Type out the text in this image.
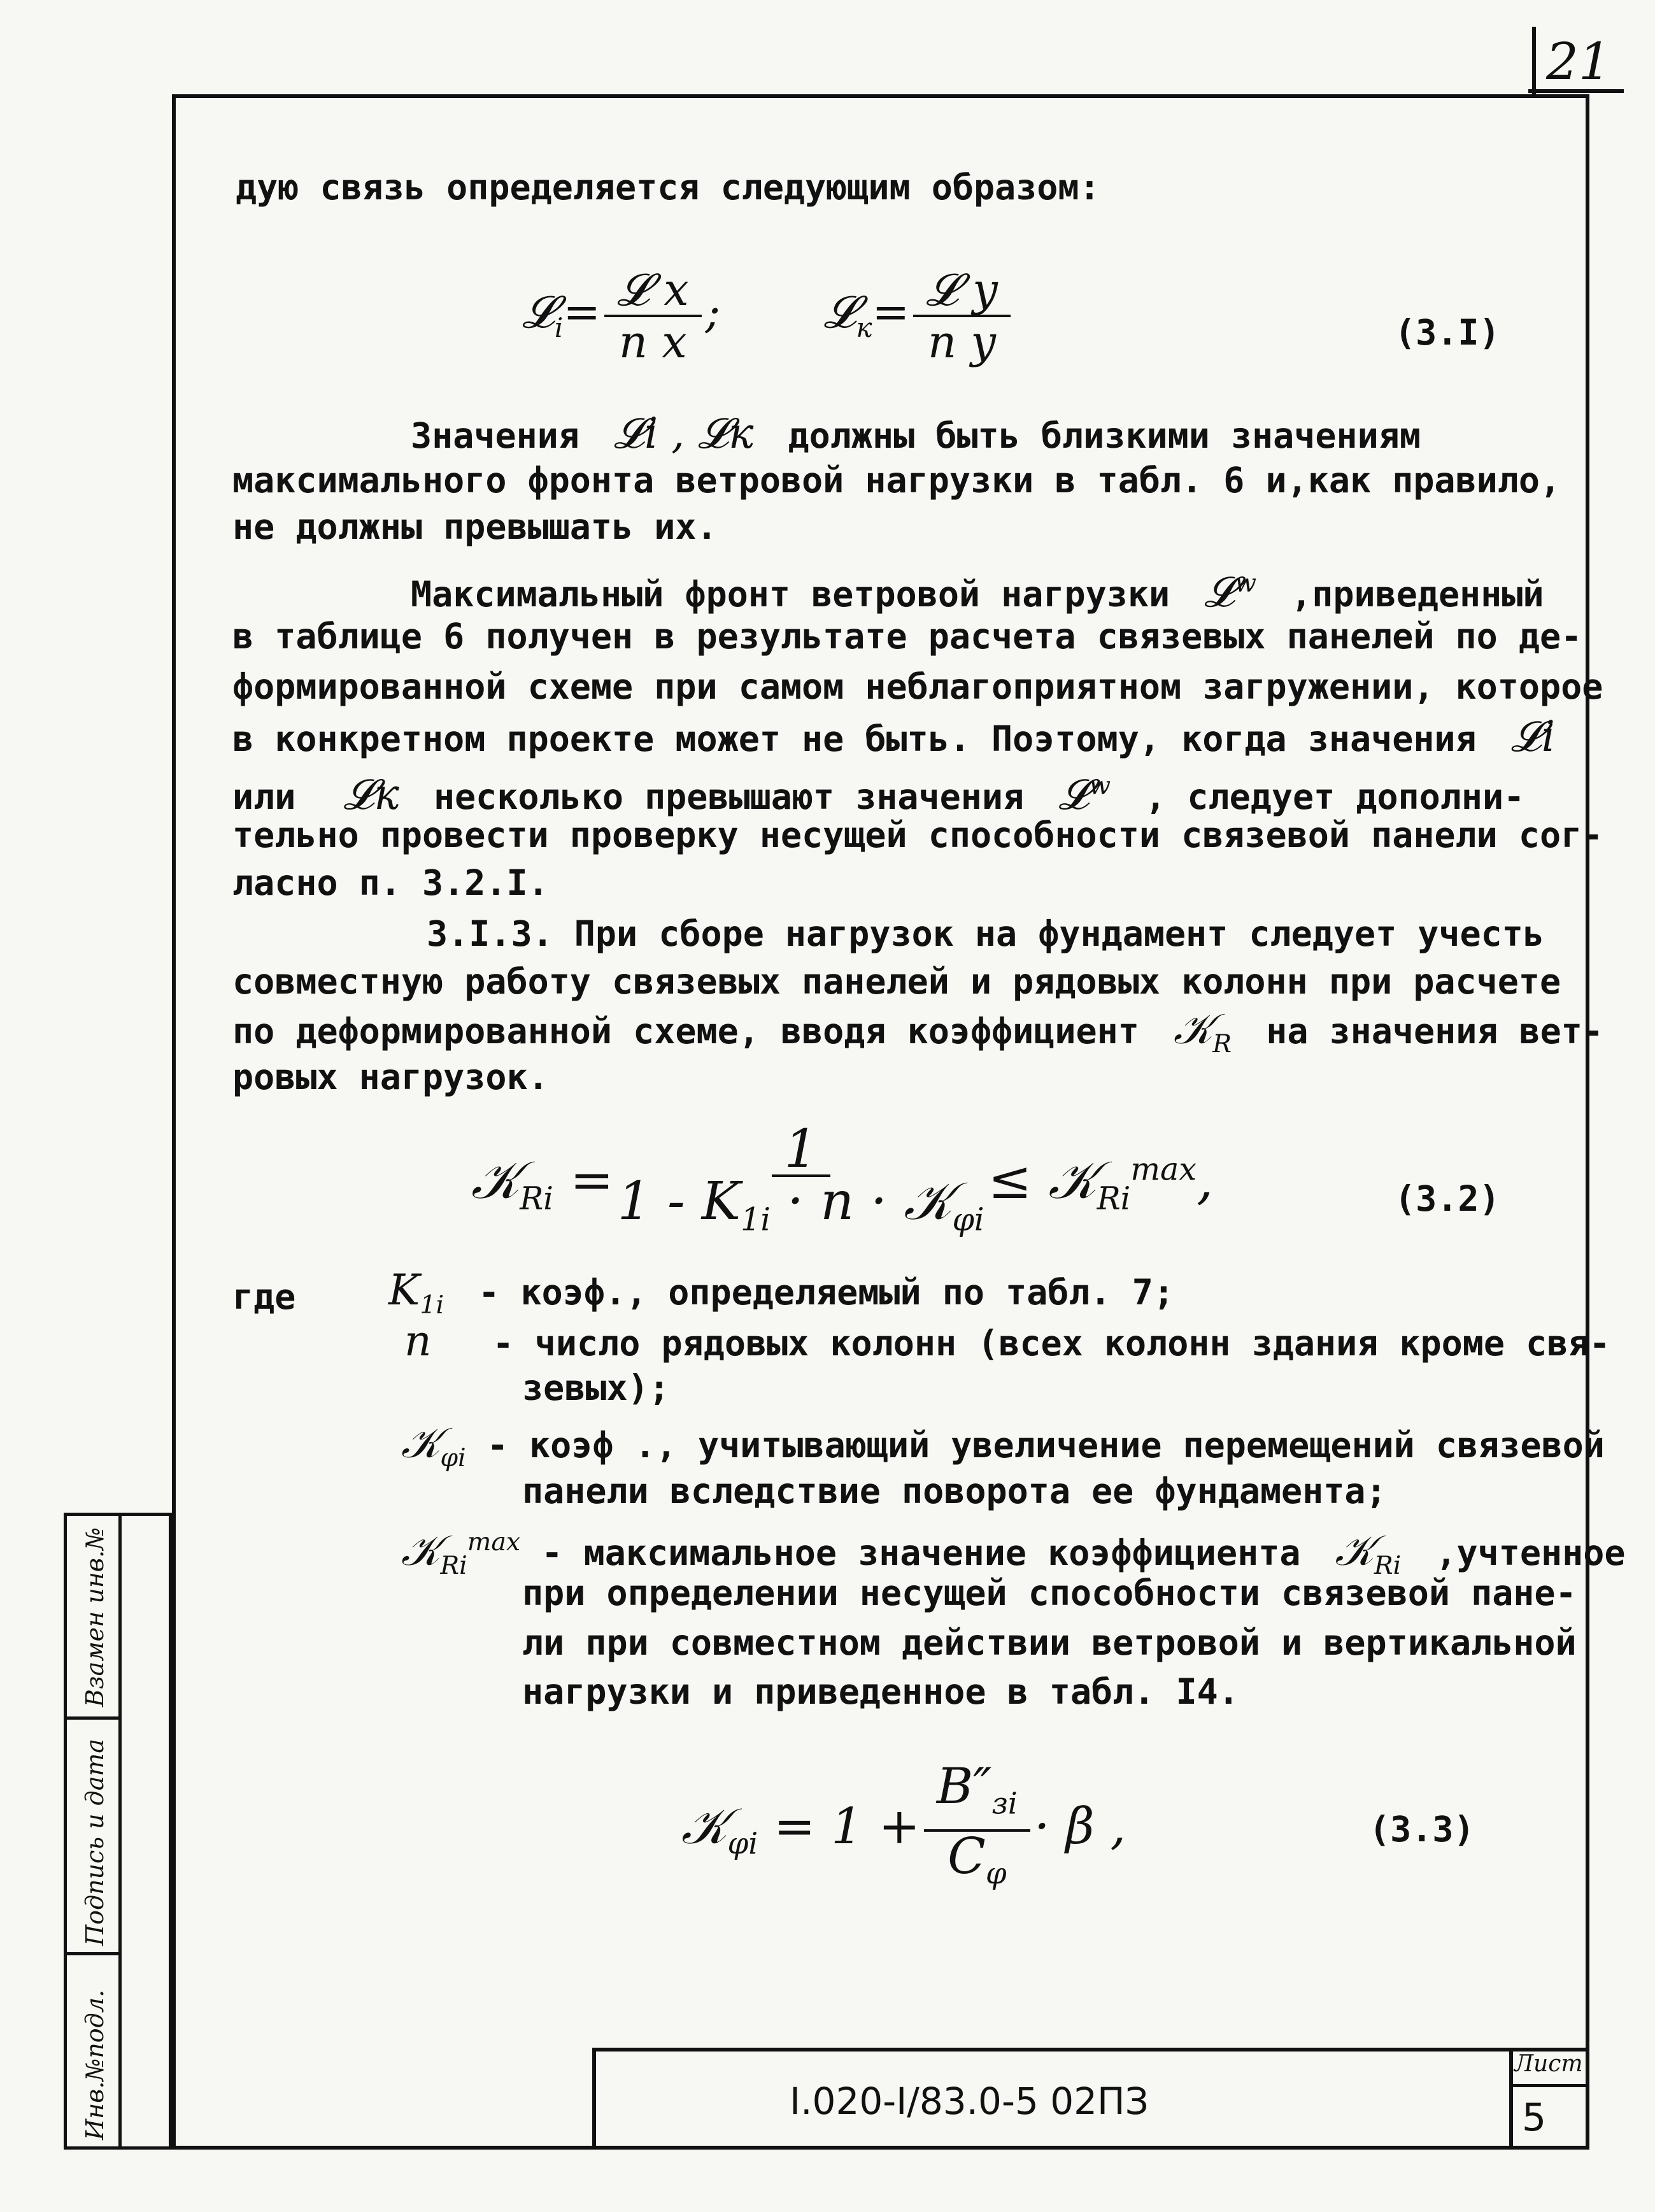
21
дую связь определяется следующим образом:
𝓛$_i$= $\frac{\text{𝓛 x}}{\text{n x}}$ ; 𝓛$_к$= $\frac{\text{𝓛 y}}{\text{n y}}$	(3.I)
Значения  𝓛i , 𝓛к  должны быть близкими значениям
максимального фронта ветровой нагрузки в табл. 6 и,как правило,
не должны превышать их.
Максимальный фронт ветровой нагрузки  𝓛$^w$ ,приведенный
в таблице 6 получен в результате расчета связевых панелей по де-
формированной схеме при самом неблагоприятном загружении, которое
в конкретном проекте может не быть. Поэтому, когда значения  𝓛i
или   𝓛к  несколько превышают значения  𝓛$^w$ , следует дополни-
тельно провести проверку несущей способности связевой панели сог-
ласно п. 3.2.I.
3.I.3. При сборе нагрузок на фундамент следует учесть
совместную работу связевых панелей и рядовых колонн при расчете
по деформированной схеме, вводя коэффициент  𝒦$_R$ на значения вет-
ровых нагрузок.
𝒦$_{Ri}$ = $\frac{1}{1 - K_{1i} \cdot n \cdot 𝒦_{\varphi i}}$ ≤ 𝒦$_{Ri}^{max}$,	(3.2)
где $K_{1i}$ - коэф., определяемый по табл. 7;
n    - число рядовых колонн (всех колонн здания кроме свя-
зевых);
𝒦$_{\varphi i}$ - коэф ., учитывающий увеличение перемещений связевой
панели вследствие поворота ее фундамента;
𝒦$_{Ri}^{max}$ - максимальное значение коэффициента  𝒦$_{Ri}$ ,учтенное
при определении несущей способности связевой пане-
ли при совместном действии ветровой и вертикальной
нагрузки и приведенное в табл. I4.
𝒦$_{\varphi i}$ = $1 + \frac{B''_{зi}}{C_\varphi} \cdot \beta$ ,	(3.3)
Взамен инв.№
Подпись и дата
Инв.№подл.	I.020-I/83.0-5 02ПЗ
Лист
5
